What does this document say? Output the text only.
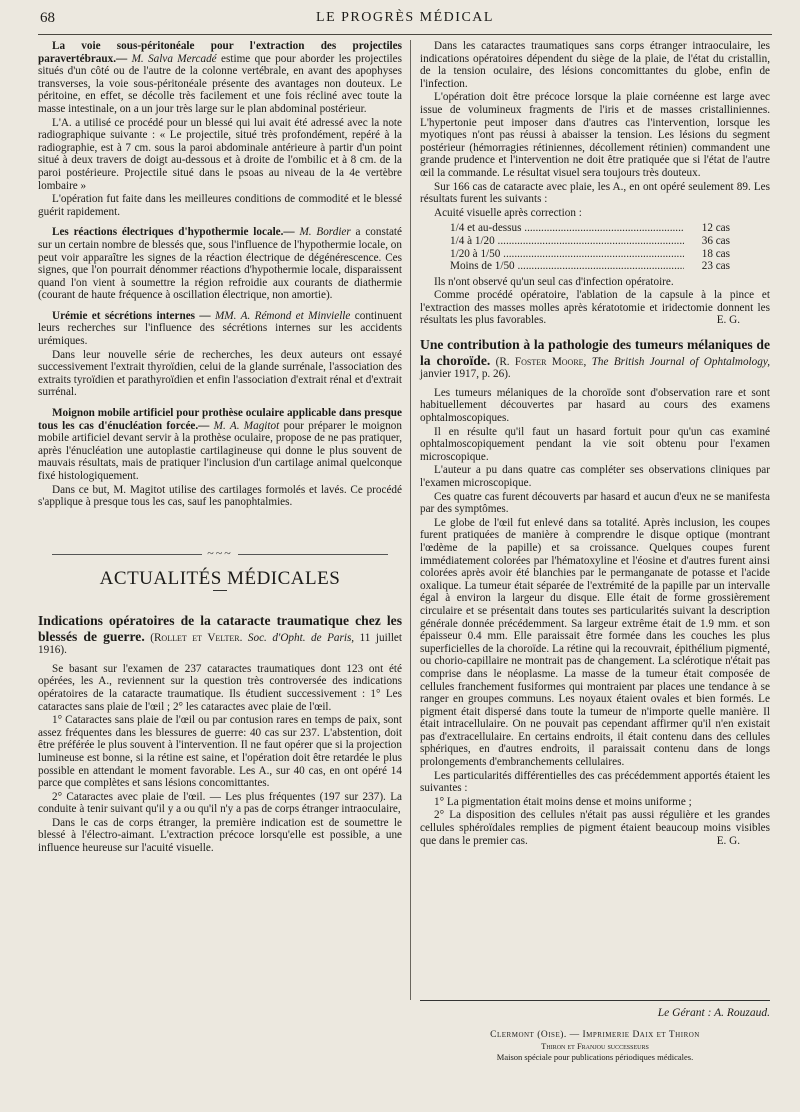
68	LE PROGRÈS MÉDICAL

La voie sous-péritonéale pour l'extraction des projectiles paravertébraux.— M. Salva Mercadé estime que pour aborder les projectiles situés d'un côté ou de l'autre de la colonne vertébrale, en avant des apophyses transverses, la voie sous-péritonéale présente des avantages non douteux. Le péritoine, en effet, se décolle très facilement et une fois récliné avec toute la masse intestinale, on a un jour très large sur le plan abdominal postérieur.

L'A. a utilisé ce procédé pour un blessé qui lui avait été adressé avec la note radiographique suivante : « Le projectile, situé très profondément, repéré à la radiographie, est à 7 cm. sous la paroi abdominale antérieure à partir d'un point situé à deux travers de doigt au-dessous et à droite de l'ombilic et à 8 cm. de la paroi postérieure. Projectile situé dans le psoas au niveau de la 4e vertèbre lombaire »

L'opération fut faite dans les meilleures conditions de commodité et le blessé guérit rapidement.

Les réactions électriques d'hypothermie locale.— M. Bordier a constaté sur un certain nombre de blessés que, sous l'influence de l'hypothermie locale, on peut voir apparaître les signes de la réaction électrique de dégénérescence. Ces signes, que l'on pourrait dénommer réactions d'hypothermie locale, disparaissent quand l'on vient à soumettre la région refroidie aux courants de diathermie (courant de haute fréquence à oscillation électrique, non amortie).

Urémie et sécrétions internes — MM. A. Rémond et Minvielle continuent leurs recherches sur l'influence des sécrétions internes sur les accidents urémiques.

Dans leur nouvelle série de recherches, les deux auteurs ont essayé successivement l'extrait thyroïdien, celui de la glande surrénale, l'association des extraits tyroïdien et parathyroïdien et enfin l'association d'extrait rénal et d'extrait surrénal.

Moignon mobile artificiel pour prothèse oculaire applicable dans presque tous les cas d'énucléation forcée.— M. A. Magitot pour préparer le moignon mobile artificiel devant servir à la prothèse oculaire, propose de ne pas pratiquer, après l'énucléation une autoplastie cartilagineuse qui donne le plus souvent de mauvais résultats, mais de pratiquer l'inclusion d'un cartilage animal quelconque fixé histologiquement.

Dans ce but, M. Magitot utilise des cartilages formolés et lavés. Ce procédé s'applique à presque tous les cas, sauf les panophtalmies.

~~~
ACTUALITÉS MÉDICALES

Indications opératoires de la cataracte traumatique chez les blessés de guerre. (Rollet et Velter. Soc. d'Opht. de Paris, 11 juillet 1916).

Se basant sur l'examen de 237 cataractes traumatiques dont 123 ont été opérées, les A., reviennent sur la question très controversée des indications opératoires de la cataracte traumatique. Ils étudient successivement : 1° Les cataractes sans plaie de l'œil ; 2° les cataractes avec plaie de l'œil.

1° Cataractes sans plaie de l'œil ou par contusion rares en temps de paix, sont assez fréquentes dans les blessures de guerre: 40 cas sur 237. L'abstention, doit être préférée le plus souvent à l'intervention. Il ne faut opérer que si la projection lumineuse est bonne, si la rétine est saine, et l'opération doit être retardée le plus possible en attendant le moment favorable. Les A., sur 40 cas, en ont opéré 14 parce que complètes et sans lésions concomittantes.

2° Cataractes avec plaie de l'œil. — Les plus fréquentes (197 sur 237). La conduite à tenir suivant qu'il y a ou qu'il n'y a pas de corps étranger intraoculaire,

Dans le cas de corps étranger, la première indication est de soumettre le blessé à l'électro-aimant. L'extraction précoce lorsqu'elle est possible, a une influence heureuse sur l'acuité visuelle.

Dans les cataractes traumatiques sans corps étranger intraoculaire, les indications opératoires dépendent du siège de la plaie, de l'état du cristallin, de la tension oculaire, des lésions concomittantes du globe, enfin de l'infection.

L'opération doit être précoce lorsque la plaie cornéenne est large avec issue de volumineux fragments de l'iris et de masses cristalliniennes. L'hypertonie peut imposer dans d'autres cas l'intervention, lorsque les myotiques n'ont pas réussi à abaisser la tension. Les lésions du segment postérieur (hémorragies rétiniennes, décollement rétinien) commandent une grande prudence et l'intervention ne doit être pratiquée que si l'état de l'autre œil la commande. Le résultat visuel sera toujours très douteux.

Sur 166 cas de cataracte avec plaie, les A., en ont opéré seulement 89. Les résultats furent les suivants :

Acuité visuelle après correction :

1/4 et au-dessus .....	12 cas
1/4 à 1/20 .....	36 cas
1/20 à 1/50 .....	18 cas
Moins de 1/50 .....	23 cas

Ils n'ont observé qu'un seul cas d'infection opératoire.

Comme procédé opératoire, l'ablation de la capsule à la pince et l'extraction des masses molles après kératotomie et iridectomie donnent les résultats les plus favorables.	E. G.

Une contribution à la pathologie des tumeurs mélaniques de la choroïde. (R. Foster Moore, The British Journal of Ophtalmology, janvier 1917, p. 26).

Les tumeurs mélaniques de la choroïde sont d'observation rare et sont habituellement découvertes par hasard au cours des examens ophtalmoscopiques.

Il en résulte qu'il faut un hasard fortuit pour qu'un cas examiné ophtalmoscopiquement pendant la vie soit obtenu pour l'examen microscopique.

L'auteur a pu dans quatre cas compléter ses observations cliniques par l'examen microscopique.

Ces quatre cas furent découverts par hasard et aucun d'eux ne se manifesta par des symptômes.

Le globe de l'œil fut enlevé dans sa totalité. Après inclusion, les coupes furent pratiquées de manière à comprendre le disque optique (montrant l'œdème de la papille) et sa croissance. Quelques coupes furent immédiatement colorées par l'hématoxyline et l'éosine et d'autres furent ainsi colorées après avoir été blanchies par le permanganate de potasse et l'acide oxalique. La tumeur était séparée de l'extrémité de la papille par un intervalle égal à environ la largeur du disque. Elle était de forme grossièrement circulaire et se présentait dans toutes ses particularités suivant la description générale donnée précédemment. Sa largeur extrême était de 1.9 mm. et son épaisseur 0.4 mm. Elle paraissait être formée dans les couches les plus superficielles de la choroïde. La rétine qui la recouvrait, épithélium pigmenté, ou chorio-capillaire ne montrait pas de changement. La sclérotique n'était pas comprise dans le néoplasme. La masse de la tumeur était composée de cellules franchement fusiformes qui montraient par places une tendance à se ranger en groupes communs. Les noyaux étaient ovales et bien formés. Le pigment était dispersé dans toute la tumeur de n'importe quelle manière. Il était intracellulaire. On ne pouvait pas cependant affirmer qu'il n'en existait pas d'extracellulaire. En certains endroits, il était contenu dans des cellules sphériques, en d'autres endroits, il paraissait contenu dans de longs prolongements d'embranchements cellulaires.

Les particularités différentielles des cas précédemment apportés étaient les suivantes :

1° La pigmentation était moins dense et moins uniforme ;

2° La disposition des cellules n'était pas aussi régulière et les grandes cellules sphéroïdales remplies de pigment étaient beaucoup moins visibles que dans le premier cas.	E. G.

Le Gérant : A. Rouzaud.
Clermont (Oise). — Imprimerie Daix et Thiron
Thiron et Franjou successeurs
Maison spéciale pour publications périodiques médicales.
